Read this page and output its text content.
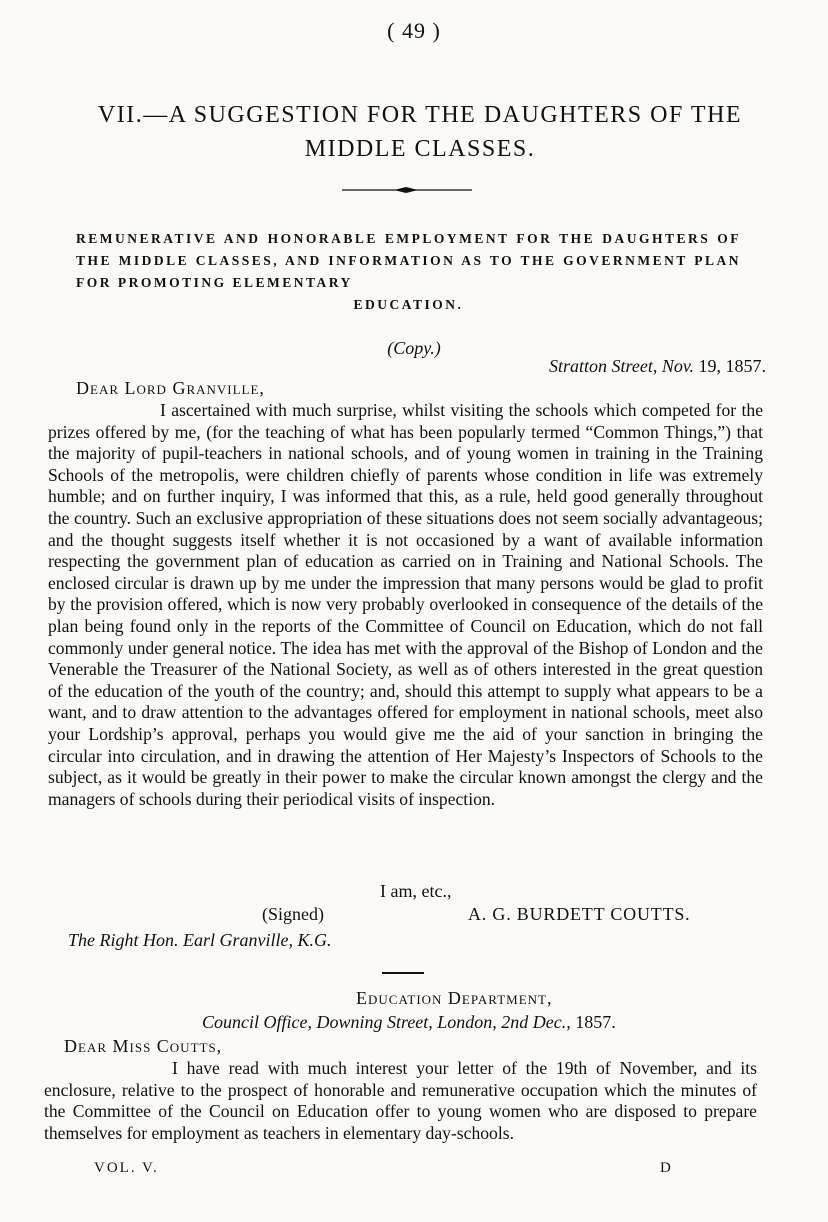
( 49 )
VII.—A SUGGESTION FOR THE DAUGHTERS OF THE
MIDDLE CLASSES.
REMUNERATIVE AND HONORABLE EMPLOYMENT FOR THE DAUGHTERS OF THE MIDDLE CLASSES, AND INFORMATION AS TO THE GOVERNMENT PLAN FOR PROMOTING ELEMENTARY
EDUCATION.
(Copy.)
Stratton Street, Nov. 19, 1857.
Dear Lord Granville,

I ascertained with much surprise, whilst visiting the schools which competed for the prizes offered by me, (for the teaching of what has been popularly termed “Common Things,”) that the majority of pupil-teachers in national schools, and of young women in training in the Training Schools of the metropolis, were children chiefly of parents whose condition in life was extremely humble; and on further inquiry, I was informed that this, as a rule, held good generally throughout the country. Such an exclusive appropriation of these situations does not seem socially advantageous; and the thought suggests itself whether it is not occasioned by a want of available information respecting the government plan of education as carried on in Training and National Schools. The enclosed circular is drawn up by me under the impression that many persons would be glad to profit by the provision offered, which is now very probably overlooked in consequence of the details of the plan being found only in the reports of the Committee of Council on Education, which do not fall commonly under general notice. The idea has met with the approval of the Bishop of London and the Venerable the Treasurer of the National Society, as well as of others interested in the great question of the education of the youth of the country; and, should this attempt to supply what appears to be a want, and to draw attention to the advantages offered for employment in national schools, meet also your Lordship’s approval, perhaps you would give me the aid of your sanction in bringing the circular into circulation, and in drawing the attention of Her Majesty’s Inspectors of Schools to the subject, as it would be greatly in their power to make the circular known amongst the clergy and the managers of schools during their periodical visits of inspection.

I am, etc.,
(Signed)	A. G. BURDETT COUTTS.
The Right Hon. Earl Granville, K.G.
Education Department,
Council Office, Downing Street, London, 2nd Dec., 1857.
Dear Miss Coutts,

I have read with much interest your letter of the 19th of November, and its enclosure, relative to the prospect of honorable and remunerative occupation which the minutes of the Committee of the Council on Education offer to young women who are disposed to prepare themselves for employment as teachers in elementary day-schools.

VOL. V.	D
